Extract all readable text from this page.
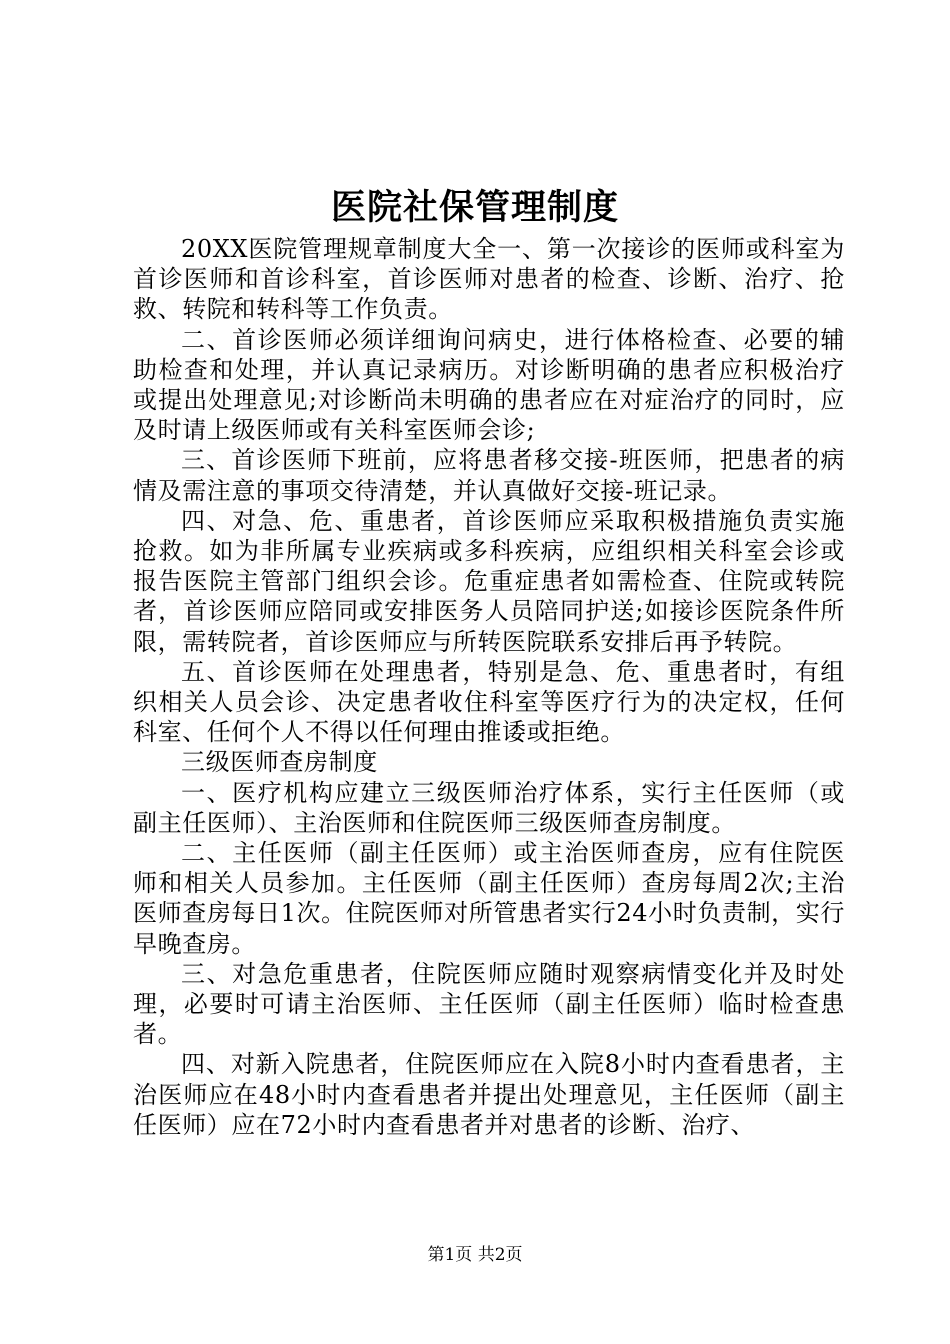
医院社保管理制度

20XX医院管理规章制度大全一、第一次接诊的医师或科室为首诊医师和首诊科室，首诊医师对患者的检查、诊断、治疗、抢救、转院和转科等工作负责。

二、首诊医师必须详细询问病史，进行体格检查、必要的辅助检查和处理，并认真记录病历。对诊断明确的患者应积极治疗或提出处理意见;对诊断尚未明确的患者应在对症治疗的同时，应及时请上级医师或有关科室医师会诊;

三、首诊医师下班前，应将患者移交接-班医师，把患者的病情及需注意的事项交待清楚，并认真做好交接-班记录。

四、对急、危、重患者，首诊医师应采取积极措施负责实施抢救。如为非所属专业疾病或多科疾病，应组织相关科室会诊或报告医院主管部门组织会诊。危重症患者如需检查、住院或转院者，首诊医师应陪同或安排医务人员陪同护送;如接诊医院条件所限，需转院者，首诊医师应与所转医院联系安排后再予转院。

五、首诊医师在处理患者，特别是急、危、重患者时，有组织相关人员会诊、决定患者收住科室等医疗行为的决定权，任何科室、任何个人不得以任何理由推诿或拒绝。

三级医师查房制度

一、医疗机构应建立三级医师治疗体系，实行主任医师（或副主任医师）、主治医师和住院医师三级医师查房制度。

二、主任医师（副主任医师）或主治医师查房，应有住院医师和相关人员参加。主任医师（副主任医师）查房每周2次;主治医师查房每日1次。住院医师对所管患者实行24小时负责制，实行早晚查房。

三、对急危重患者，住院医师应随时观察病情变化并及时处理，必要时可请主治医师、主任医师（副主任医师）临时检查患者。

四、对新入院患者，住院医师应在入院8小时内查看患者，主治医师应在48小时内查看患者并提出处理意见，主任医师（副主任医师）应在72小时内查看患者并对患者的诊断、治疗、

第1页 共2页
